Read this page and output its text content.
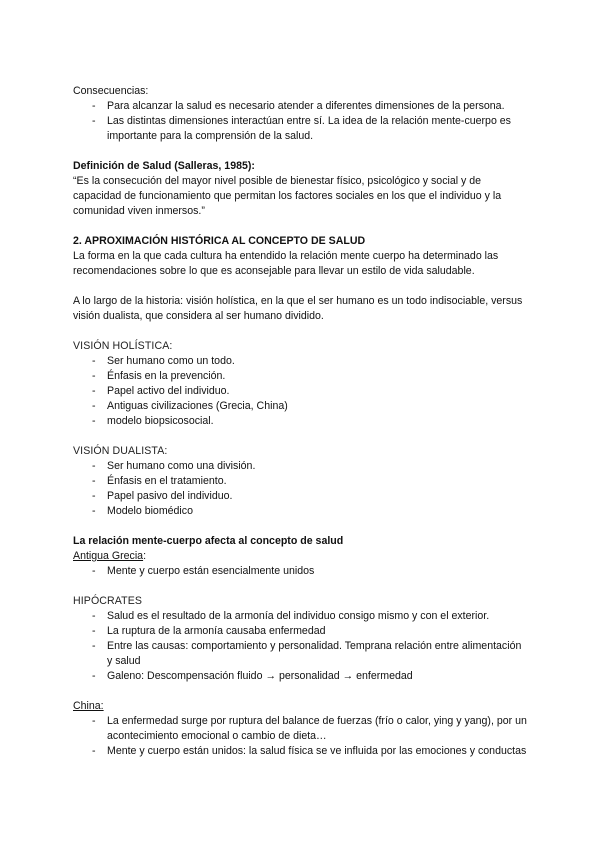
Consecuencias:

- Para alcanzar la salud es necesario atender a diferentes dimensiones de la persona.
- Las distintas dimensiones interactúan entre sí. La idea de la relación mente-cuerpo es importante para la comprensión de la salud.

Definición de Salud (Salleras, 1985):

“Es la consecución del mayor nivel posible de bienestar físico, psicológico y social y de capacidad de funcionamiento que permitan los factores sociales en los que el individuo y la comunidad viven inmersos.”

2. APROXIMACIÓN HISTÓRICA AL CONCEPTO DE SALUD

La forma en la que cada cultura ha entendido la relación mente cuerpo ha determinado las recomendaciones sobre lo que es aconsejable para llevar un estilo de vida saludable.

A lo largo de la historia: visión holística, en la que el ser humano es un todo indisociable, versus visión dualista, que considera al ser humano dividido.

VISIÓN HOLÍSTICA:

- Ser humano como un todo.
- Énfasis en la prevención.
- Papel activo del individuo.
- Antiguas civilizaciones (Grecia, China)
- modelo biopsicosocial.

VISIÓN DUALISTA:

- Ser humano como una división.
- Énfasis en el tratamiento.
- Papel pasivo del individuo.
- Modelo biomédico

La relación mente-cuerpo afecta al concepto de salud

Antigua Grecia:

- Mente y cuerpo están esencialmente unidos

HIPÓCRATES

- Salud es el resultado de la armonía del individuo consigo mismo y con el exterior.
- La ruptura de la armonía causaba enfermedad
- Entre las causas: comportamiento y personalidad. Temprana relación entre alimentación y salud
- Galeno: Descompensación fluido → personalidad → enfermedad

China:

- La enfermedad surge por ruptura del balance de fuerzas (frío o calor, ying y yang), por un acontecimiento emocional o cambio de dieta…
- Mente y cuerpo están unidos: la salud física se ve influida por las emociones y conductas
